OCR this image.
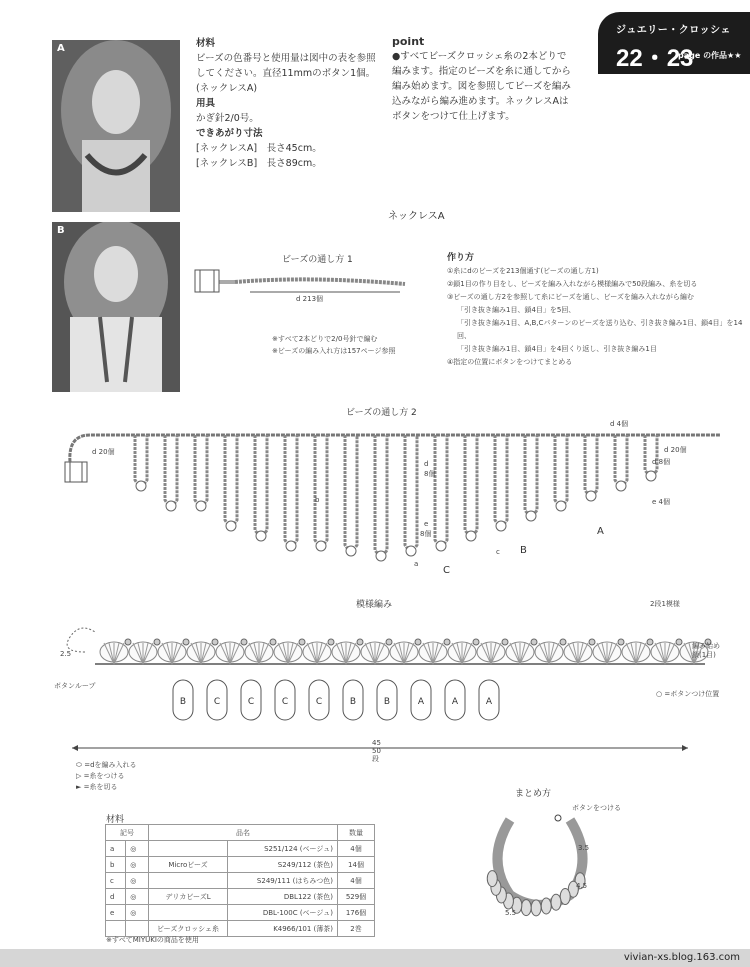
A
B
材料
ビーズの色番号と使用量は図中の表を参照
してください。直径11mmのボタン1個。
(ネックレスA)
用具
かぎ針2/0号。
できあがり寸法
[ネックレスA]　長さ45cm。
[ネックレスB]　長さ89cm。
point
●すべてビーズクロッシェ糸の2本どりで
編みます。指定のビーズを糸に通してから
編み始めます。図を参照してビーズを編み
込みながら編み進めます。ネックレスAは
ボタンをつけて仕上げます。
ジュエリー・クロッシェ
22・23
page の作品★★
ネックレスA
ビーズの通し方 1
d 213個
※すべて2本どりで2/0号針で編む
※ビーズの編み入れ方は157ページ参照
作り方
①糸にdのビーズを213個通す(ビーズの通し方1)
②鎖1目の作り目をし、ビーズを編み入れながら模様編みで50段編み、糸を切る
③ビーズの通し方2を参照して糸にビーズを通し、ビーズを編み入れながら編む
「引き抜き編み1目、鎖4目」を5回、
「引き抜き編み1目、A,B,Cパターンのビーズを送り込む、引き抜き編み1目、鎖4目」を14回、
「引き抜き編み1目、鎖4目」を4回くり返し、引き抜き編み1目
④指定の位置にボタンをつけてまとめる
ビーズの通し方 2
d 20個
d 4個
d 20個
d 8個
e 4個
d
8個
e
8個
b
a
c
C
B
A
模様編み	2段1模様
B	C	C	C	C	B	B	A	A	A
2.5
ボタンループ
編み始め
鎖(1目)
○ =ボタンつけ位置
45
50
段
⬭ =dを編み入れる
▷ =糸をつける
► =糸を切る
まとめ方
ボタンをつける
3.5
4.5
5.5
材料
記号		品名		数量
a	◎		S251/124 (ベージュ)	4個
b	◎	Microビーズ	S249/112 (茶色)	14個
c	◎		S249/111 (はちみつ色)	4個
d	◎	デリカビーズL	DBL122 (茶色)	529個
e	◎		DBL-100C (ベージュ)	176個
		ビーズクロッシェ糸	K4966/101 (薄茶)	2巻
※すべてMIYUKIの商品を使用
vivian-xs.blog.163.com
